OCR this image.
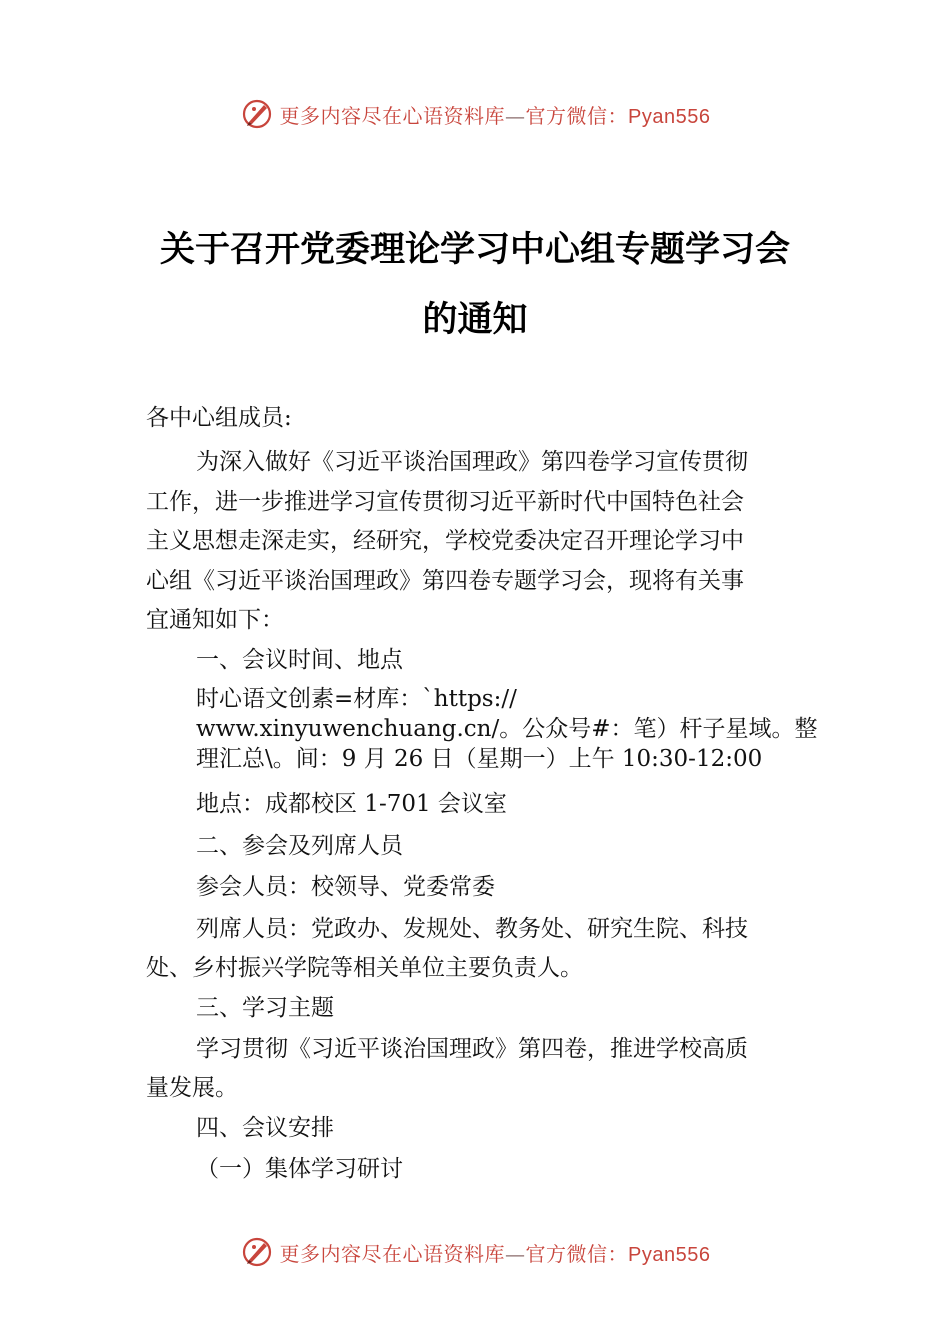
更多内容尽在心语资料库—官方微信：Pyan556
关于召开党委理论学习中心组专题学习会
的通知
各中心组成员:
为深入做好《习近平谈治国理政》第四卷学习宣传贯彻
工作，进一步推进学习宣传贯彻习近平新时代中国特色社会
主义思想走深走实，经研究，学校党委决定召开理论学习中
心组《习近平谈治国理政》第四卷专题学习会，现将有关事
宜通知如下：
一、会议时间、地点
时心语文创素=材库：`https://
www.xinyuwenchuang.cn/。公众号#：笔）杆子星域。整
理汇总\。间：9 月 26 日（星期一）上午 10:30-12:00
地点：成都校区 1-701 会议室
二、参会及列席人员
参会人员：校领导、党委常委
列席人员：党政办、发规处、教务处、研究生院、科技
处、乡村振兴学院等相关单位主要负责人。
三、学习主题
学习贯彻《习近平谈治国理政》第四卷，推进学校高质
量发展。
四、会议安排
（一）集体学习研讨
更多内容尽在心语资料库—官方微信：Pyan556
